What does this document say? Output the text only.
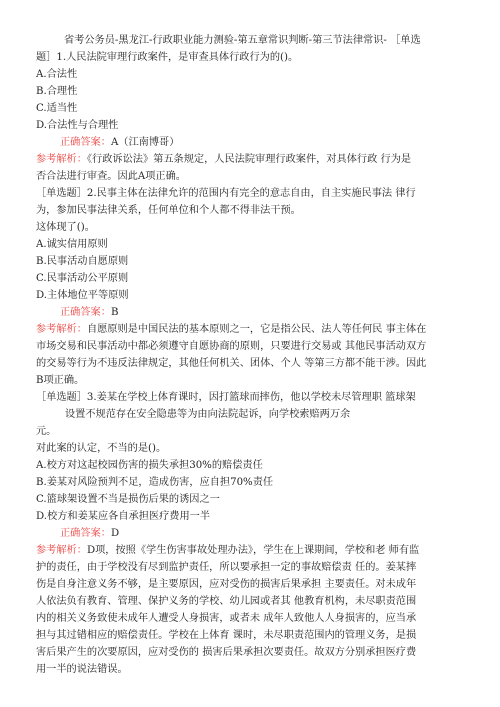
省考公务员-黑龙江-行政职业能力测验-第五章常识判断-第三节法律常识- ［单选
题］1.人民法院审理行政案件，是审查具体行政行为的()。
A.合法性
B.合理性
C.适当性
D.合法性与合理性
正确答案：A（江南博哥）
参考解析：《行政诉讼法》第五条规定，人民法院审理行政案件，对具体行政 行为是
否合法进行审查。因此A项正确。
［单选题］2.民事主体在法律允许的范围内有完全的意志自由，自主实施民事法 律行
为，参加民事法律关系，任何单位和个人都不得非法干预。
这体现了()。
A.诚实信用原则
B.民事活动自愿原则
C.民事活动公平原则
D.主体地位平等原则
正确答案：B
参考解析：自愿原则是中国民法的基本原则之一，它是指公民、法人等任何民 事主体在
市场交易和民事活动中都必须遵守自愿协商的原则，只要进行交易或 其他民事活动双方
的交易等行为不违反法律规定，其他任何机关、团体、个人 等第三方都不能干涉。因此
B项正确。
［单选题］3.姜某在学校上体育课时，因打篮球而摔伤，他以学校未尽管理职 篮球架
设置不规范存在安全隐患等为由向法院起诉，向学校索赔两万余
元。
对此案的认定，不当的是()。
A.校方对这起校园伤害的损失承担30%的赔偿责任
B.姜某对风险预判不足，造成伤害，应自担70%责任
C.篮球架设置不当是损伤后果的诱因之一
D.校方和姜某应各自承担医疗费用一半
正确答案：D
参考解析：D项，按照《学生伤害事故处理办法》，学生在上课期间，学校和老 师有监
护的责任，由于学校没有尽到监护责任，所以要承担一定的事故赔偿责 任的。姜某摔
伤是自身注意义务不够，是主要原因，应对受伤的损害后果承担 主要责任。对未成年
人依法负有教育、管理、保护义务的学校、幼儿园或者其 他教育机构，未尽职责范围
内的相关义务致使未成年人遭受人身损害，或者未 成年人致他人人身损害的，应当承
担与其过错相应的赔偿责任。学校在上体育 课时，未尽职责范围内的管理义务，是损
害后果产生的次要原因，应对受伤的 损害后果承担次要责任。故双方分别承担医疗费
用一半的说法错误。
